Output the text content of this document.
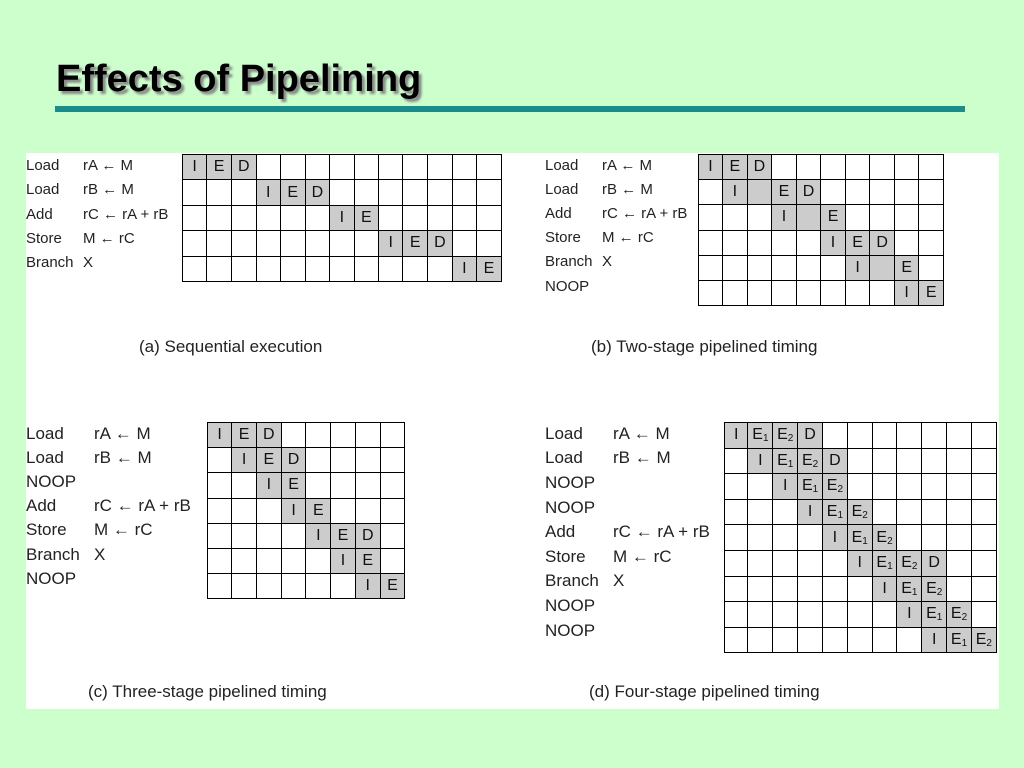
Effects of Pipelining
Load rA ← M
Load rB ← M
Add rC ← rA + rB
Store M ← rC
Branch X
I	E	D										
			I	E	D							
						I	E					
								I	E	D		
											I	E
(a) Sequential execution
Load rA ← M
Load rB ← M
Add rC ← rA + rB
Store M ← rC
Branch X
NOOP
I	E	D							
	I		E	D					
			I		E				
					I	E	D		
						I		E	
								I	E
(b) Two-stage pipelined timing
Load rA ← M
Load rB ← M
NOOP
Add rC ← rA + rB
Store M ← rC
Branch X
NOOP
I	E	D					
	I	E	D				
		I	E				
			I	E			
				I	E	D	
					I	E	
						I	E
(c) Three-stage pipelined timing
Load rA ← M
Load rB ← M
NOOP
NOOP
Add rC ← rA + rB
Store M ← rC
Branch X
NOOP
NOOP
I	$E_1$	$E_2$	D							
	I	$E_1$	$E_2$	D						
		I	$E_1$	$E_2$						
			I	$E_1$	$E_2$					
				I	$E_1$	$E_2$				
					I	$E_1$	$E_2$	D		
						I	$E_1$	$E_2$		
							I	$E_1$	$E_2$	
								I	$E_1$	$E_2$
(d) Four-stage pipelined timing
